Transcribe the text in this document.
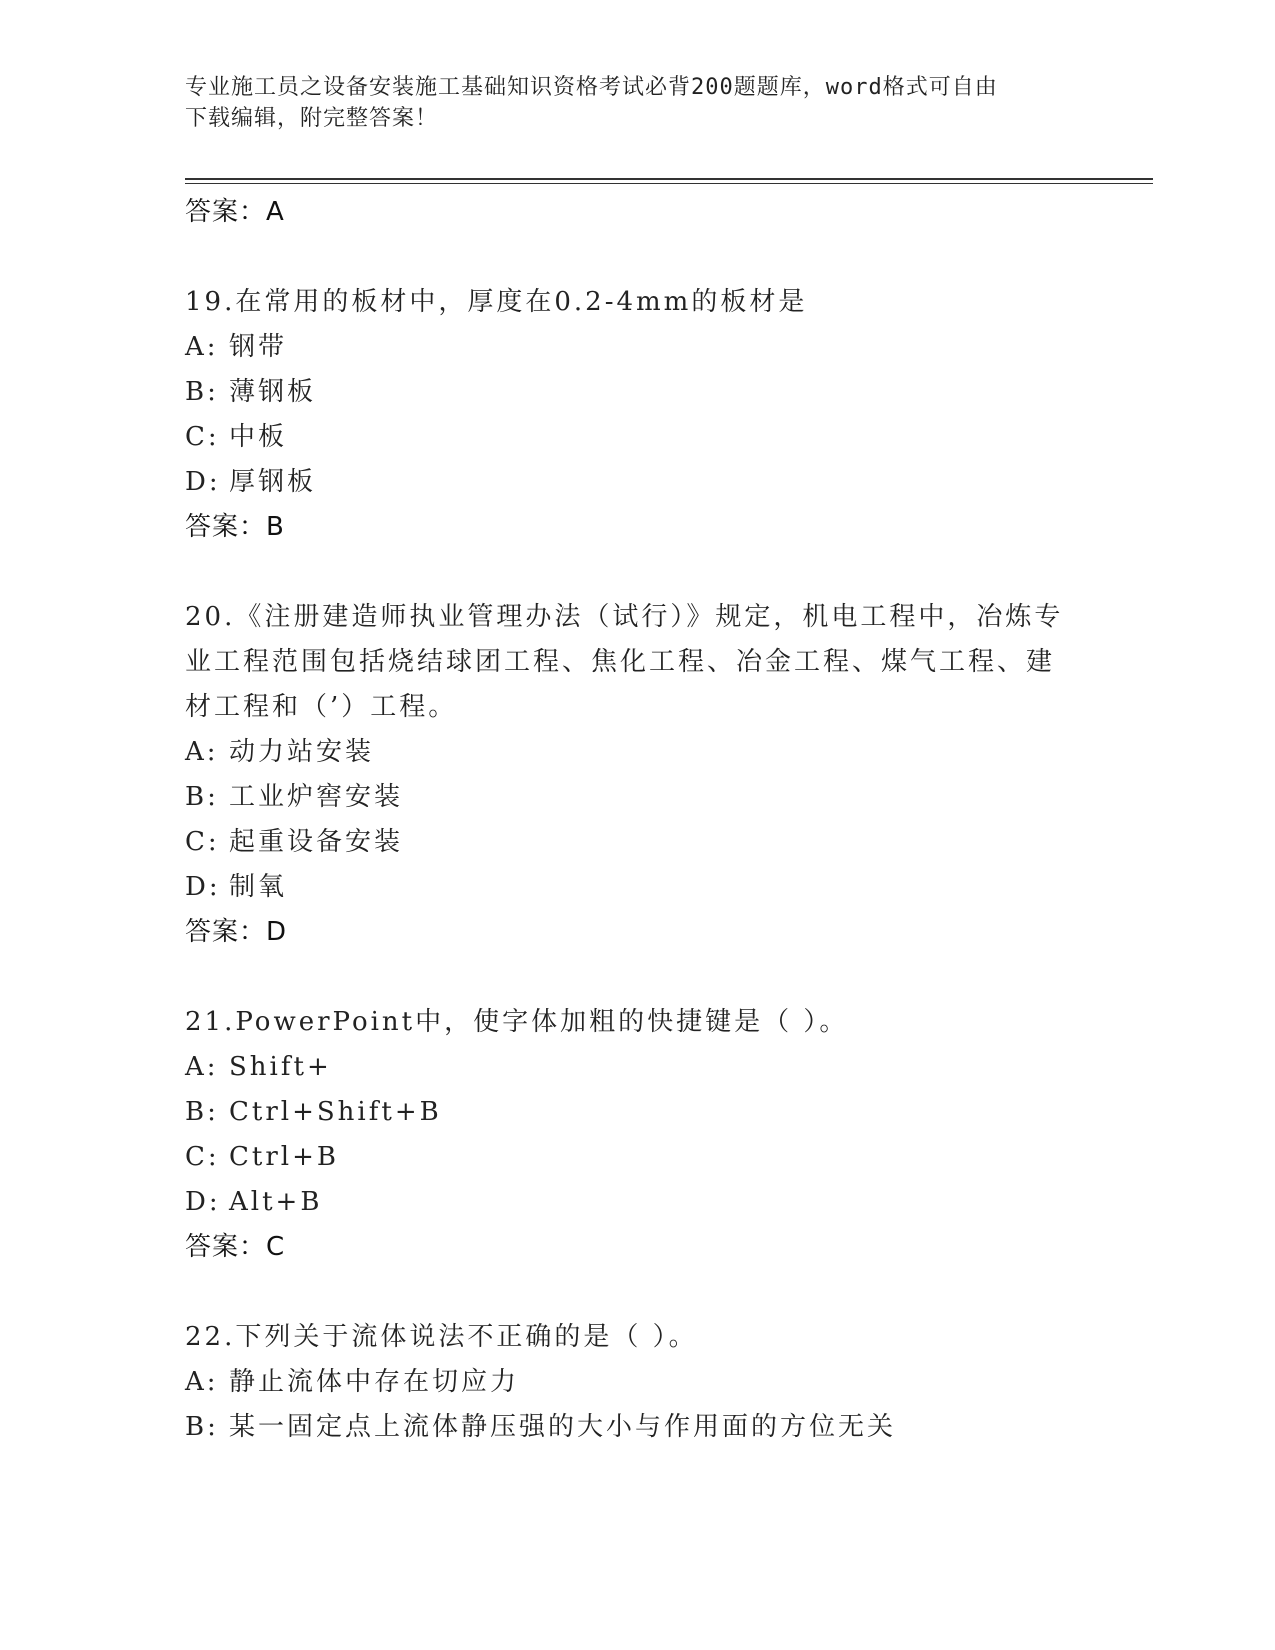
专业施工员之设备安装施工基础知识资格考试必背200题题库，word格式可自由
下载编辑，附完整答案！
答案：A
19.在常用的板材中，厚度在0.2-4mm的板材是
A: 钢带
B: 薄钢板
C: 中板
D: 厚钢板
答案：B
20.《注册建造师执业管理办法（试行）》规定，机电工程中，冶炼专
业工程范围包括烧结球团工程、焦化工程、冶金工程、煤气工程、建
材工程和（’）工程。
A: 动力站安装
B: 工业炉窖安装
C: 起重设备安装
D: 制氧
答案：D
21.PowerPoint中，使字体加粗的快捷键是（ ）。
A: Shift+
B: Ctrl+Shift+B
C: Ctrl+B
D: Alt+B
答案：C
22.下列关于流体说法不正确的是（ ）。
A: 静止流体中存在切应力
B: 某一固定点上流体静压强的大小与作用面的方位无关
